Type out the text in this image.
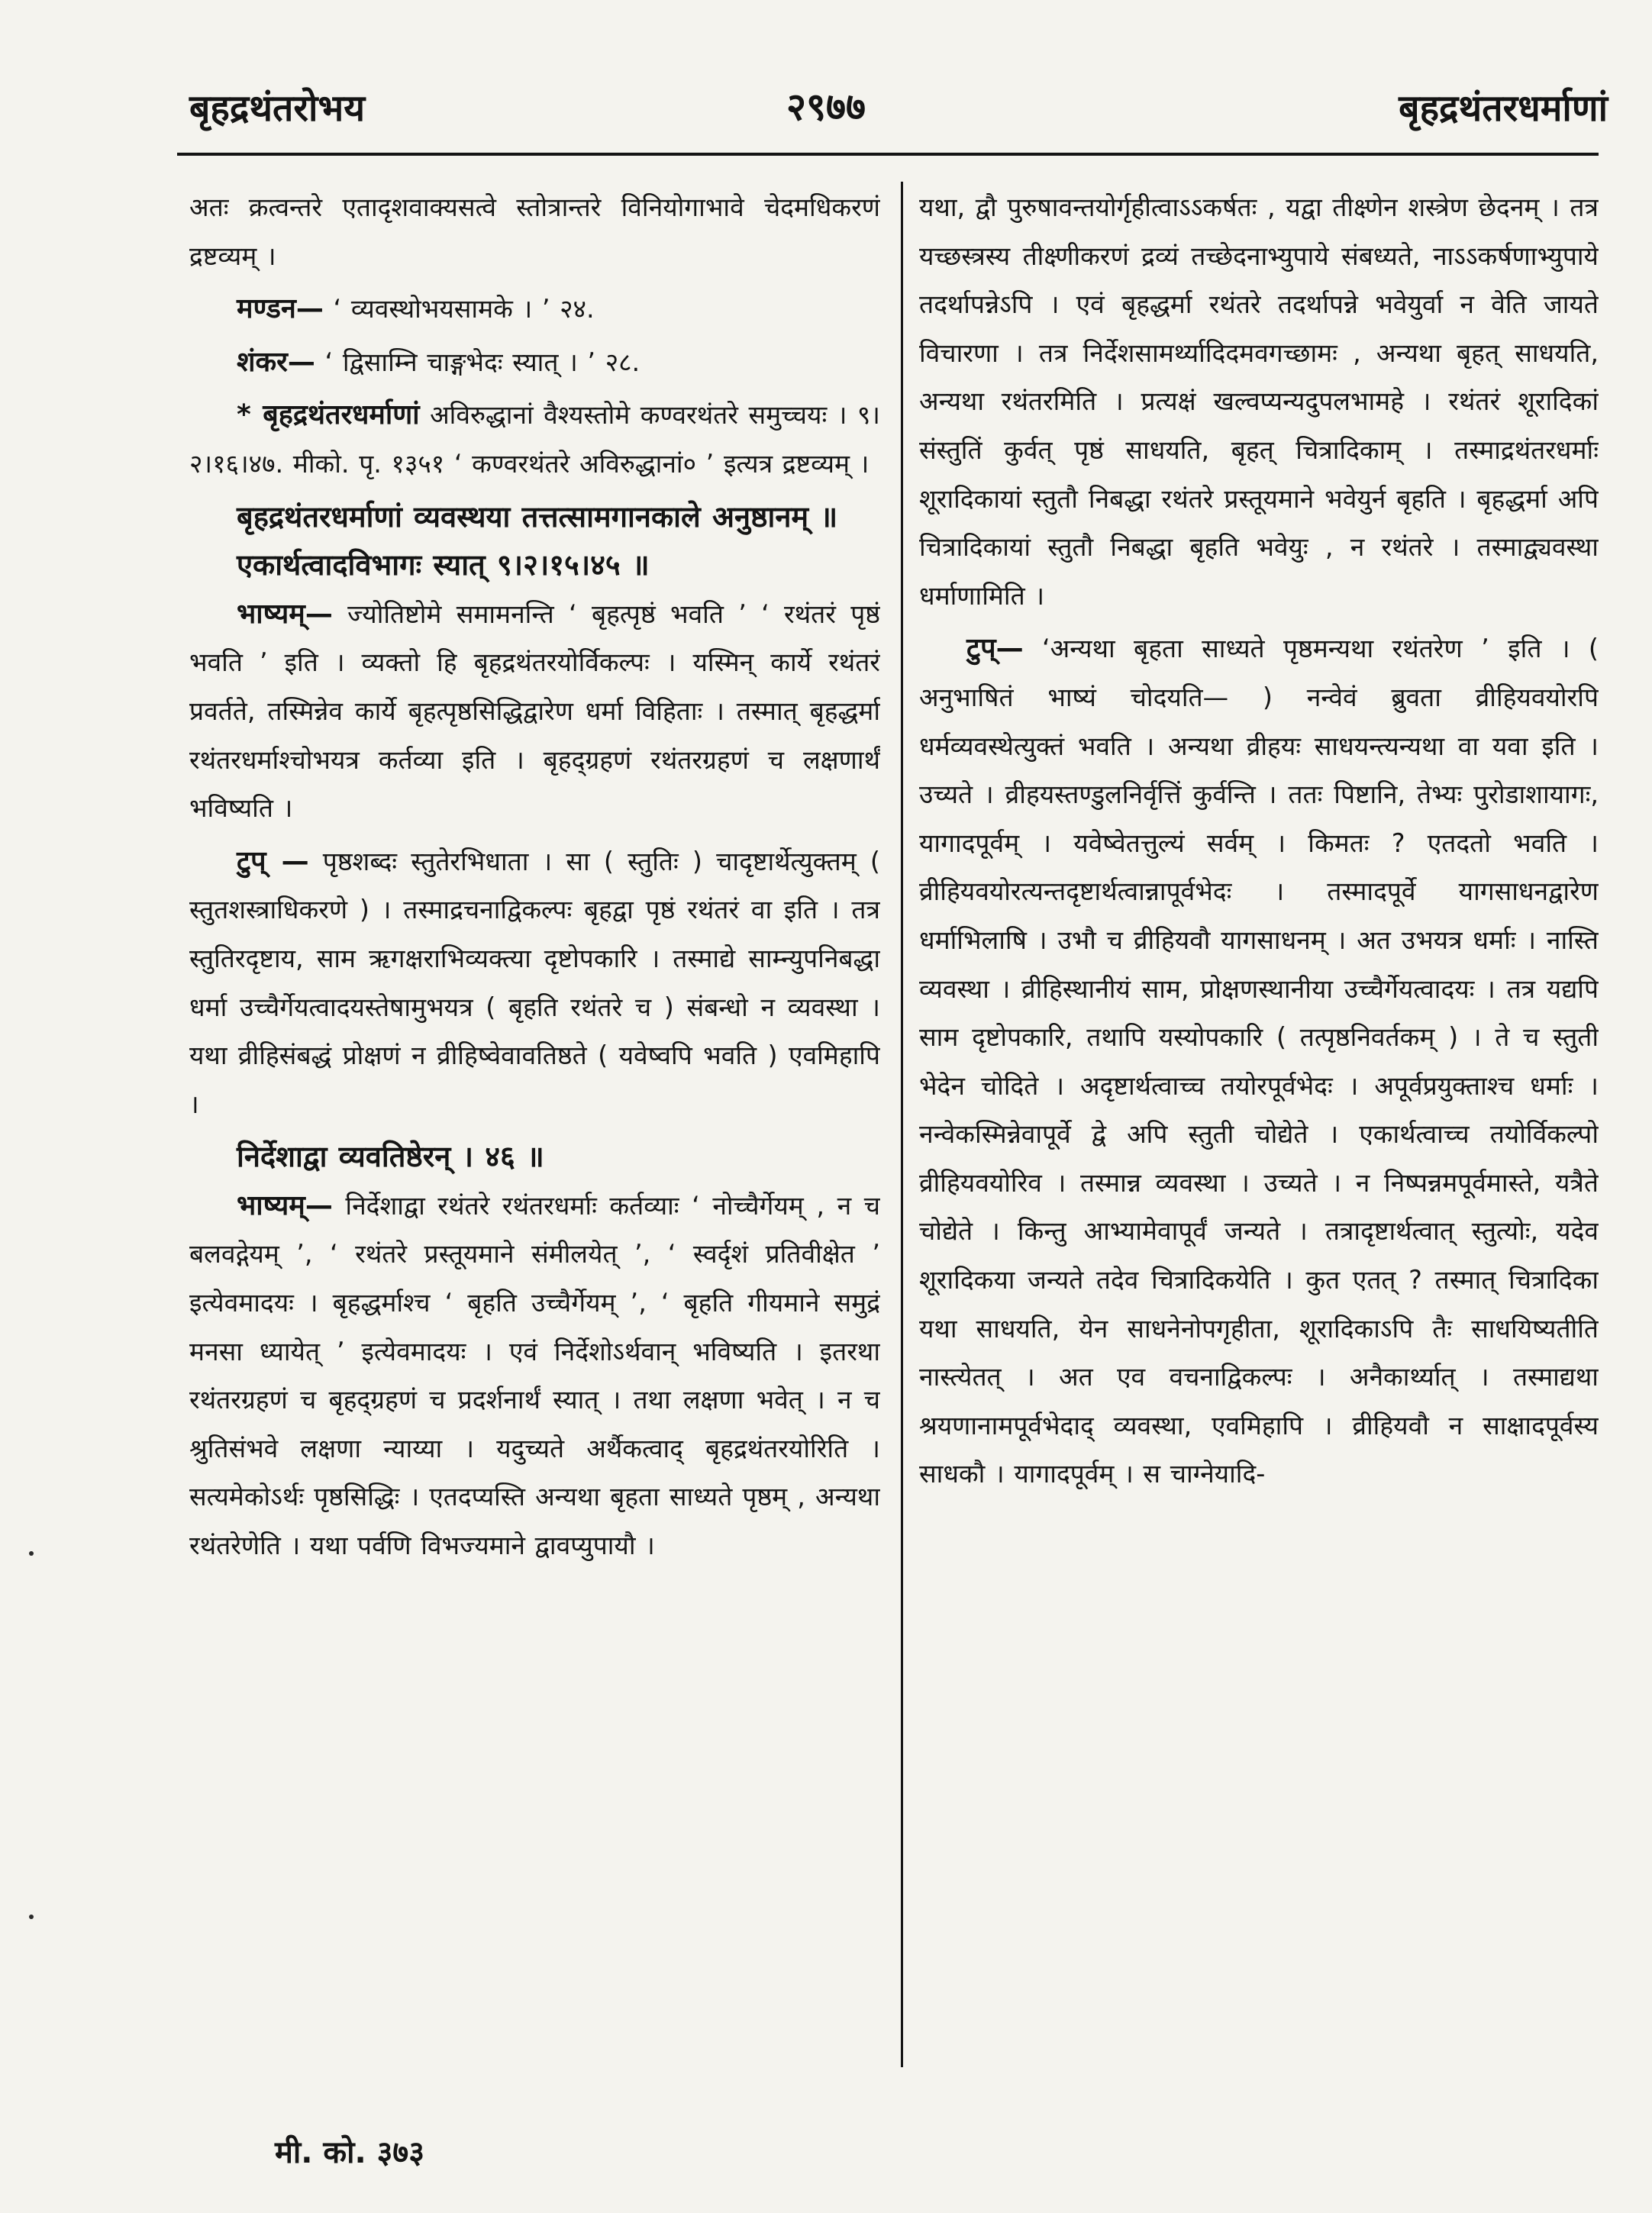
बृहद्रथंतरोभय	२९७७	बृहद्रथंतरधर्माणां

अतः क्रत्वन्तरे एतादृशवाक्यसत्वे स्तोत्रान्तरे विनियोगाभावे चेदमधिकरणं द्रष्टव्यम् ।

मण्डन— ‘ व्यवस्थोभयसामके । ’ २४.

शंकर— ‘ द्विसाम्नि चाङ्गभेदः स्यात् । ’ २८.

* बृहद्रथंतरधर्माणां अविरुद्धानां वैश्यस्तोमे कण्वरथंतरे समुच्चयः । ९।२।१६।४७. मीको. पृ. १३५१ ‘ कण्वरथंतरे अविरुद्धानां० ’ इत्यत्र द्रष्टव्यम् ।

बृहद्रथंतरधर्माणां व्यवस्थया तत्तत्सामगानकाले अनुष्ठानम् ॥

एकार्थत्वादविभागः स्यात् ९।२।१५।४५ ॥

भाष्यम्— ज्योतिष्टोमे समामनन्ति ‘ बृहत्पृष्ठं भवति ’ ‘ रथंतरं पृष्ठं भवति ’ इति । व्यक्तो हि बृहद्रथंतरयोर्विकल्पः । यस्मिन् कार्ये रथंतरं प्रवर्तते, तस्मिन्नेव कार्ये बृहत्पृष्ठसिद्धिद्वारेण धर्मा विहिताः । तस्मात् बृहद्धर्मा रथंतरधर्माश्चोभयत्र कर्तव्या इति । बृहद्ग्रहणं रथंतरग्रहणं च लक्षणार्थं भविष्यति ।

टुप् — पृष्ठशब्दः स्तुतेरभिधाता । सा ( स्तुतिः ) चादृष्टार्थेत्युक्तम् ( स्तुतशस्त्राधिकरणे ) । तस्माद्रचनाद्विकल्पः बृहद्वा पृष्ठं रथंतरं वा इति । तत्र स्तुतिरदृष्टाय, साम ऋगक्षराभिव्यक्त्या दृष्टोपकारि । तस्माद्ये साम्न्युपनिबद्धा धर्मा उच्चैर्गेयत्वादयस्तेषामुभयत्र ( बृहति रथंतरे च ) संबन्धो न व्यवस्था । यथा व्रीहिसंबद्धं प्रोक्षणं न व्रीहिष्वेवावतिष्ठते ( यवेष्वपि भवति ) एवमिहापि ।

निर्देशाद्वा व्यवतिष्ठेरन् । ४६ ॥

भाष्यम्— निर्देशाद्वा रथंतरे रथंतरधर्माः कर्तव्याः ‘ नोच्चैर्गेयम् , न च बलवद्गेयम् ’, ‘ रथंतरे प्रस्तूयमाने संमीलयेत् ’, ‘ स्वर्दृशं प्रतिवीक्षेत ’ इत्येवमादयः । बृहद्धर्माश्च ‘ बृहति उच्चैर्गेयम् ’, ‘ बृहति गीयमाने समुद्रं मनसा ध्यायेत् ’ इत्येवमादयः । एवं निर्देशोऽर्थवान् भविष्यति । इतरथा रथंतरग्रहणं च बृहद्ग्रहणं च प्रदर्शनार्थं स्यात् । तथा लक्षणा भवेत् । न च श्रुतिसंभवे लक्षणा न्याय्या । यदुच्यते अर्थैकत्वाद् बृहद्रथंतरयोरिति । सत्यमेकोऽर्थः पृष्ठसिद्धिः । एतदप्यस्ति अन्यथा बृहता साध्यते पृष्ठम् , अन्यथा रथंतरेणेति । यथा पर्वणि विभज्यमाने द्वावप्युपायौ ।

यथा, द्वौ पुरुषावन्तयोर्गृहीत्वाऽऽकर्षतः , यद्वा तीक्ष्णेन शस्त्रेण छेदनम् । तत्र यच्छस्त्रस्य तीक्ष्णीकरणं द्रव्यं तच्छेदनाभ्युपाये संबध्यते, नाऽऽकर्षणाभ्युपाये तदर्थापन्नेऽपि । एवं बृहद्धर्मा रथंतरे तदर्थापन्ने भवेयुर्वा न वेति जायते विचारणा । तत्र निर्देशसामर्थ्यादिदमवगच्छामः , अन्यथा बृहत् साधयति, अन्यथा रथंतरमिति । प्रत्यक्षं खल्वप्यन्यदुपलभामहे । रथंतरं शूरादिकां संस्तुतिं कुर्वत् पृष्ठं साधयति, बृहत् चित्रादिकाम् । तस्माद्रथंतरधर्माः शूरादिकायां स्तुतौ निबद्धा रथंतरे प्रस्तूयमाने भवेयुर्न बृहति । बृहद्धर्मा अपि चित्रादिकायां स्तुतौ निबद्धा बृहति भवेयुः , न रथंतरे । तस्माद्व्यवस्था धर्माणामिति ।

टुप्— ‘अन्यथा बृहता साध्यते पृष्ठमन्यथा रथंतरेण ’ इति । ( अनुभाषितं भाष्यं चोदयति— ) नन्वेवं ब्रुवता व्रीहियवयोरपि धर्मव्यवस्थेत्युक्तं भवति । अन्यथा व्रीहयः साधयन्त्यन्यथा वा यवा इति । उच्यते । व्रीहयस्तण्डुलनिर्वृत्तिं कुर्वन्ति । ततः पिष्टानि, तेभ्यः पुरोडाशायागः, यागादपूर्वम् । यवेष्वेतत्तुल्यं सर्वम् । किमतः ? एतदतो भवति । व्रीहियवयोरत्यन्तदृष्टार्थत्वान्नापूर्वभेदः । तस्मादपूर्वे यागसाधनद्वारेण धर्माभिलाषि । उभौ च व्रीहियवौ यागसाधनम् । अत उभयत्र धर्माः । नास्ति व्यवस्था । व्रीहिस्थानीयं साम, प्रोक्षणस्थानीया उच्चैर्गेयत्वादयः । तत्र यद्यपि साम दृष्टोपकारि, तथापि यस्योपकारि ( तत्पृष्ठनिवर्तकम् ) । ते च स्तुती भेदेन चोदिते । अदृष्टार्थत्वाच्च तयोरपूर्वभेदः । अपूर्वप्रयुक्ताश्च धर्माः । नन्वेकस्मिन्नेवापूर्वे द्वे अपि स्तुती चोद्येते । एकार्थत्वाच्च तयोर्विकल्पो व्रीहियवयोरिव । तस्मान्न व्यवस्था । उच्यते । न निष्पन्नमपूर्वमास्ते, यत्रैते चोद्येते । किन्तु आभ्यामेवापूर्वं जन्यते । तत्रादृष्टार्थत्वात् स्तुत्योः, यदेव शूरादिकया जन्यते तदेव चित्रादिकयेति । कुत एतत् ? तस्मात् चित्रादिका यथा साधयति, येन साधनेनोपगृहीता, शूरादिकाऽपि तैः साधयिष्यतीति नास्त्येतत् । अत एव वचनाद्विकल्पः । अनैकार्थ्यात् । तस्माद्यथा श्रयणानामपूर्वभेदाद् व्यवस्था, एवमिहापि । व्रीहियवौ न साक्षादपूर्वस्य साधकौ । यागादपूर्वम् । स चाग्नेयादि-

मी. को. ३७३
